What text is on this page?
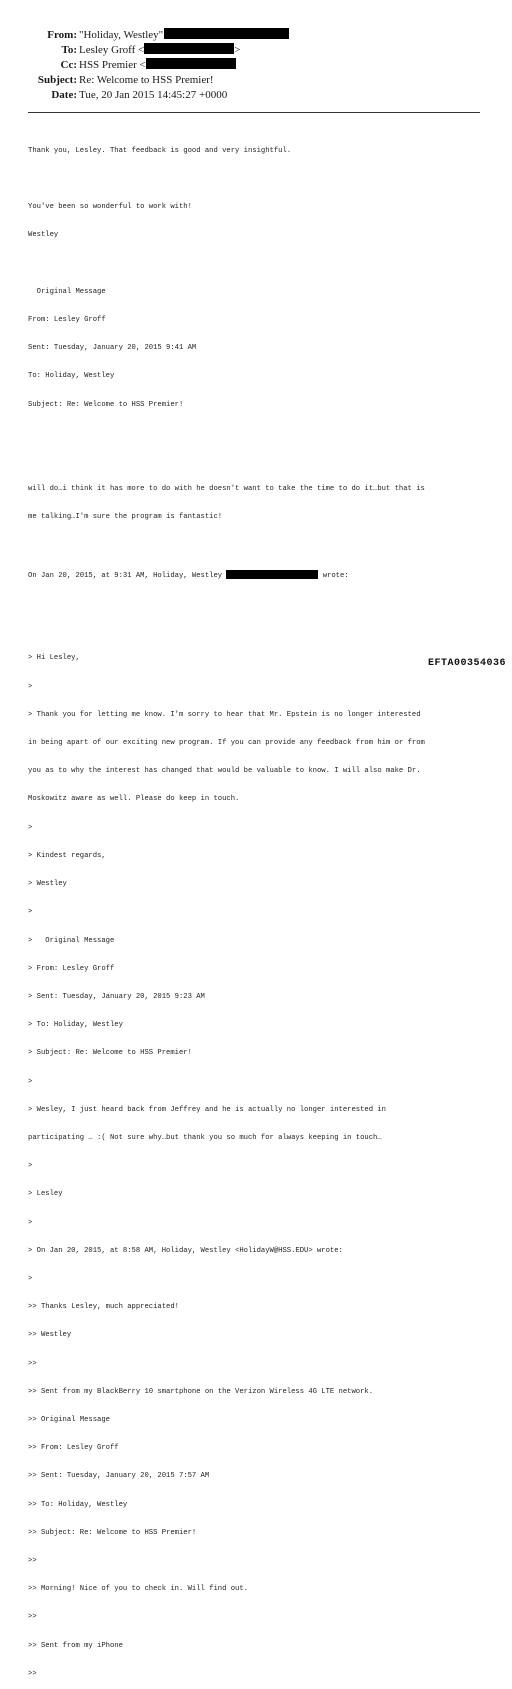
From: "Holiday, Westley"
To: Lesley Groff <	>
Cc: HSS Premier <
Subject: Re: Welcome to HSS Premier!
Date: Tue, 20 Jan 2015 14:45:27 +0000

Thank you, Lesley. That feedback is good and very insightful.

You've been so wonderful to work with!

Westley

Original Message

From: Lesley Groff

Sent: Tuesday, January 20, 2015 9:41 AM

To: Holiday, Westley

Subject: Re: Welcome to HSS Premier!

will do…i think it has more to do with he doesn't want to take the time to do it…but that is

me talking…I'm sure the program is fantastic!

On Jan 20, 2015, at 9:31 AM, Holiday, Westley	wrote:

> Hi Lesley,

>

> Thank you for letting me know. I'm sorry to hear that Mr. Epstein is no longer interested

in being apart of our exciting new program. If you can provide any feedback from him or from

you as to why the interest has changed that would be valuable to know. I will also make Dr.

Moskowitz aware as well. Please do keep in touch.

>

> Kindest regards,

> Westley

>

>   Original Message

> From: Lesley Groff

> Sent: Tuesday, January 20, 2015 9:23 AM

> To: Holiday, Westley

> Subject: Re: Welcome to HSS Premier!

>

> Wesley, I just heard back from Jeffrey and he is actually no longer interested in

participating … :( Not sure why…but thank you so much for always keeping in touch…

>

> Lesley

>

> On Jan 20, 2015, at 8:58 AM, Holiday, Westley <HolidayW@HSS.EDU> wrote:

>

>> Thanks Lesley, much appreciated!

>> Westley

>>

>> Sent from my BlackBerry 10 smartphone on the Verizon Wireless 4G LTE network.

>> Original Message

>> From: Lesley Groff

>> Sent: Tuesday, January 20, 2015 7:57 AM

>> To: Holiday, Westley

>> Subject: Re: Welcome to HSS Premier!

>>

>> Morning! Nice of you to check in. Will find out.

>>

>> Sent from my iPhone

>>

EFTA00354036
